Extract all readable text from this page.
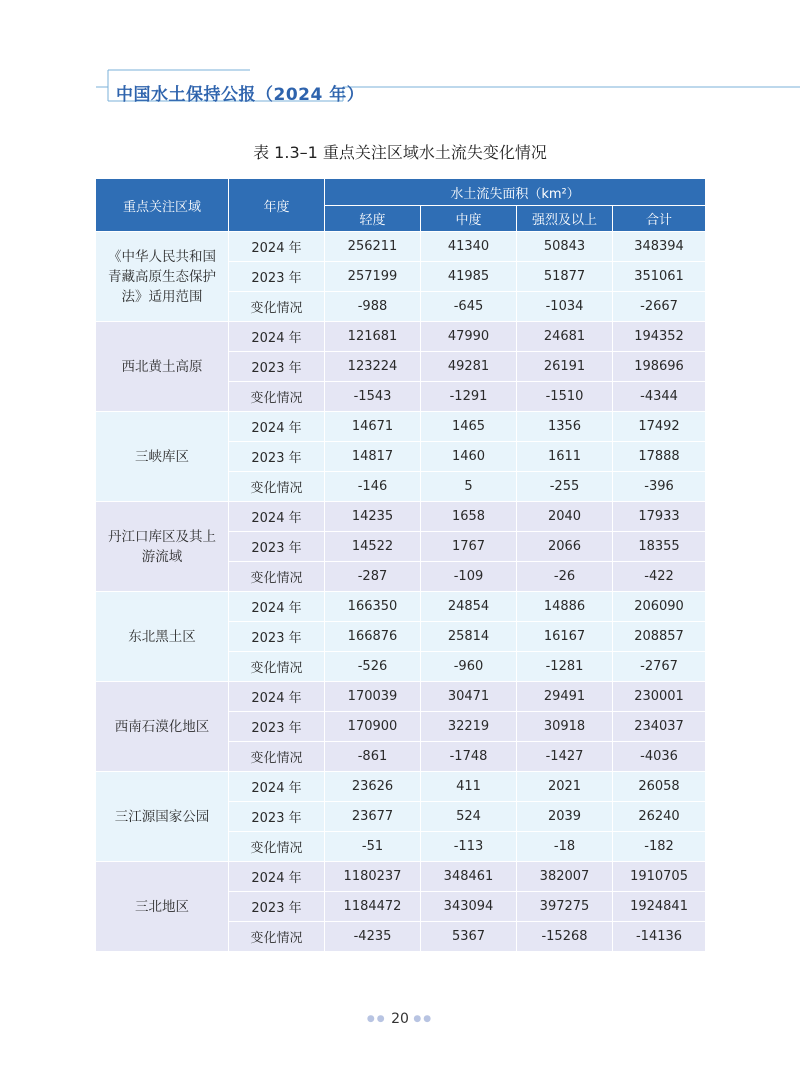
中国水土保持公报（2024 年）
表 1.3–1 重点关注区域水土流失变化情况
重点关注区域	年度	水土流失面积（km²）			
		轻度	中度	强烈及以上	合计
《中华人民共和国青藏高原生态保护法》适用范围	2024 年	256211	41340	50843	348394
	2023 年	257199	41985	51877	351061
	变化情况	-988	-645	-1034	-2667
西北黄土高原	2024 年	121681	47990	24681	194352
	2023 年	123224	49281	26191	198696
	变化情况	-1543	-1291	-1510	-4344
三峡库区	2024 年	14671	1465	1356	17492
	2023 年	14817	1460	1611	17888
	变化情况	-146	5	-255	-396
丹江口库区及其上游流域	2024 年	14235	1658	2040	17933
	2023 年	14522	1767	2066	18355
	变化情况	-287	-109	-26	-422
东北黑土区	2024 年	166350	24854	14886	206090
	2023 年	166876	25814	16167	208857
	变化情况	-526	-960	-1281	-2767
西南石漠化地区	2024 年	170039	30471	29491	230001
	2023 年	170900	32219	30918	234037
	变化情况	-861	-1748	-1427	-4036
三江源国家公园	2024 年	23626	411	2021	26058
	2023 年	23677	524	2039	26240
	变化情况	-51	-113	-18	-182
三北地区	2024 年	1180237	348461	382007	1910705
	2023 年	1184472	343094	397275	1924841
	变化情况	-4235	5367	-15268	-14136
●● 20 ●●
